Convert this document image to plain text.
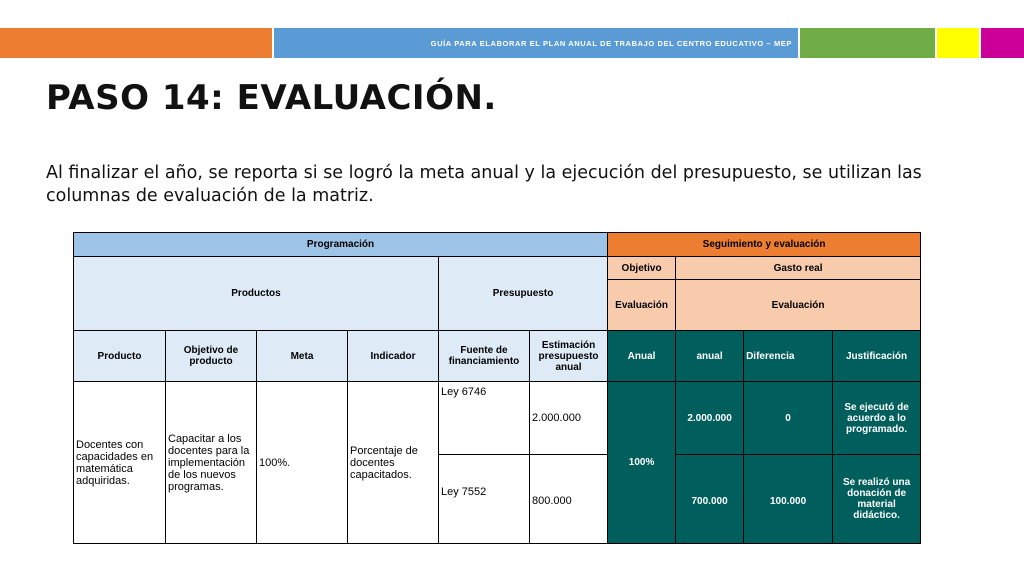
GUÍA PARA ELABORAR EL PLAN ANUAL DE TRABAJO DEL CENTRO EDUCATIVO – MEP
PASO 14: EVALUACIÓN.

Al finalizar el año, se reporta si se logró la meta anual y la ejecución del presupuesto, se utilizan las columnas de evaluación de la matriz.

Programación						Seguimiento y evaluación			
Productos				Presupuesto		Objetivo	Gasto real		
						Evaluación	Evaluación		
Producto	Objetivo de producto	Meta	Indicador	Fuente de financiamiento	Estimación presupuesto anual	Anual	anual	Diferencia	Justificación
Docentes con capacidades en matemática adquiridas.	Capacitar a los docentes para la implementación de los nuevos programas.	100%.	Porcentaje de docentes capacitados.	Ley 6746	2.000.000	100%	2.000.000	0	Se ejecutó de acuerdo a lo programado.
				Ley 7552	800.000		700.000	100.000	Se realizó una donación de material didáctico.
